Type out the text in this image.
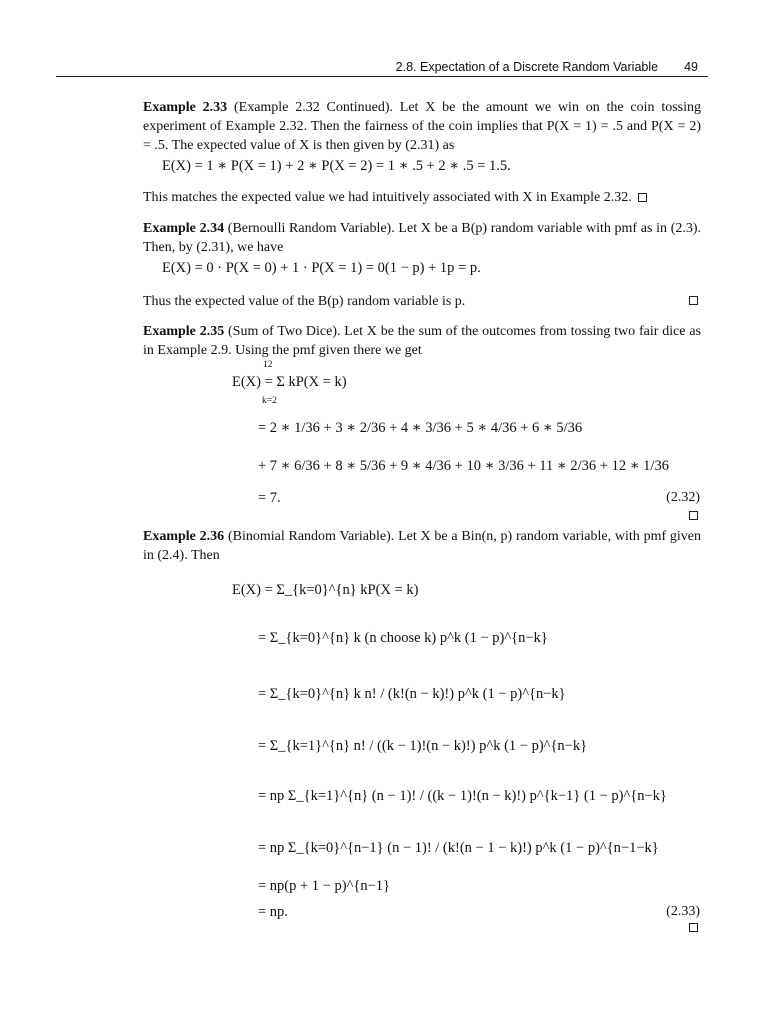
2.8. Expectation of a Discrete Random Variable 49

Example 2.33 (Example 2.32 Continued). Let X be the amount we win on the coin tossing experiment of Example 2.32. Then the fairness of the coin implies that P(X = 1) = .5 and P(X = 2) = .5. The expected value of X is then given by (2.31) as

E(X) = 1 ∗ P(X = 1) + 2 ∗ P(X = 2) = 1 ∗ .5 + 2 ∗ .5 = 1.5.

This matches the expected value we had intuitively associated with X in Example 2.32.

Example 2.34 (Bernoulli Random Variable). Let X be a B(p) random variable with pmf as in (2.3). Then, by (2.31), we have

E(X) = 0 · P(X = 0) + 1 · P(X = 1) = 0(1 − p) + 1p = p.

Thus the expected value of the B(p) random variable is p.

Example 2.35 (Sum of Two Dice). Let X be the sum of the outcomes from tossing two fair dice as in Example 2.9. Using the pmf given there we get

12
E(X) = Σ kP(X = k)
k=2
= 2 ∗ 1/36 + 3 ∗ 2/36 + 4 ∗ 3/36 + 5 ∗ 4/36 + 6 ∗ 5/36
+ 7 ∗ 6/36 + 8 ∗ 5/36 + 9 ∗ 4/36 + 10 ∗ 3/36 + 11 ∗ 2/36 + 12 ∗ 1/36
= 7.	(2.32)

Example 2.36 (Binomial Random Variable). Let X be a Bin(n, p) random variable, with pmf given in (2.4). Then

E(X) = Σ_{k=0}^{n} kP(X = k)
= Σ_{k=0}^{n} k (n choose k) p^k (1 − p)^{n−k}
= Σ_{k=0}^{n} k n! / (k!(n − k)!) p^k (1 − p)^{n−k}
= Σ_{k=1}^{n} n! / ((k − 1)!(n − k)!) p^k (1 − p)^{n−k}
= np Σ_{k=1}^{n} (n − 1)! / ((k − 1)!(n − k)!) p^{k−1} (1 − p)^{n−k}
= np Σ_{k=0}^{n−1} (n − 1)! / (k!(n − 1 − k)!) p^k (1 − p)^{n−1−k}
= np(p + 1 − p)^{n−1}
= np.	(2.33)
